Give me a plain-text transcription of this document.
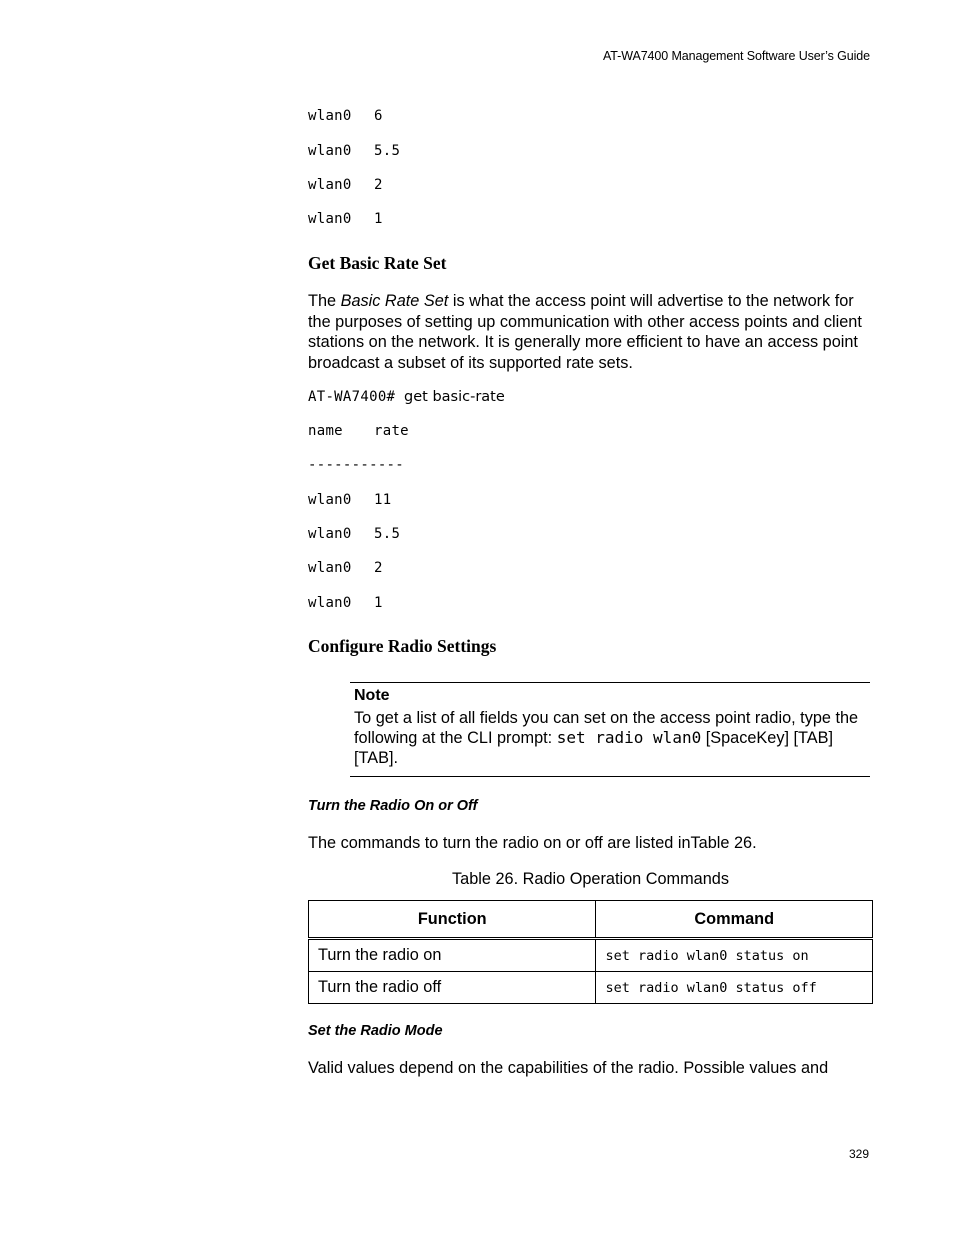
AT-WA7400 Management Software User’s Guide
wlan0 6
wlan0 5.5
wlan0 2
wlan0 1
Get Basic Rate Set
The Basic Rate Set is what the access point will advertise to the network for the purposes of setting up communication with other access points and client stations on the network. It is generally more efficient to have an access point broadcast a subset of its supported rate sets.
AT-WA7400# get basic-rate
name rate
-----------
wlan0 11
wlan0 5.5
wlan0 2
wlan0 1
Configure Radio Settings
Turn the Radio On or Off
The commands to turn the radio on or off are listed inTable 26.
Table 26. Radio Operation Commands
Set the Radio Mode
Valid values depend on the capabilities of the radio. Possible values and
Note
To get a list of all fields you can set on the access point radio, type the following at the CLI prompt: set radio wlan0 [SpaceKey] [TAB] [TAB].
Function	Command
Turn the radio on	set radio wlan0 status on
Turn the radio off	set radio wlan0 status off
329
